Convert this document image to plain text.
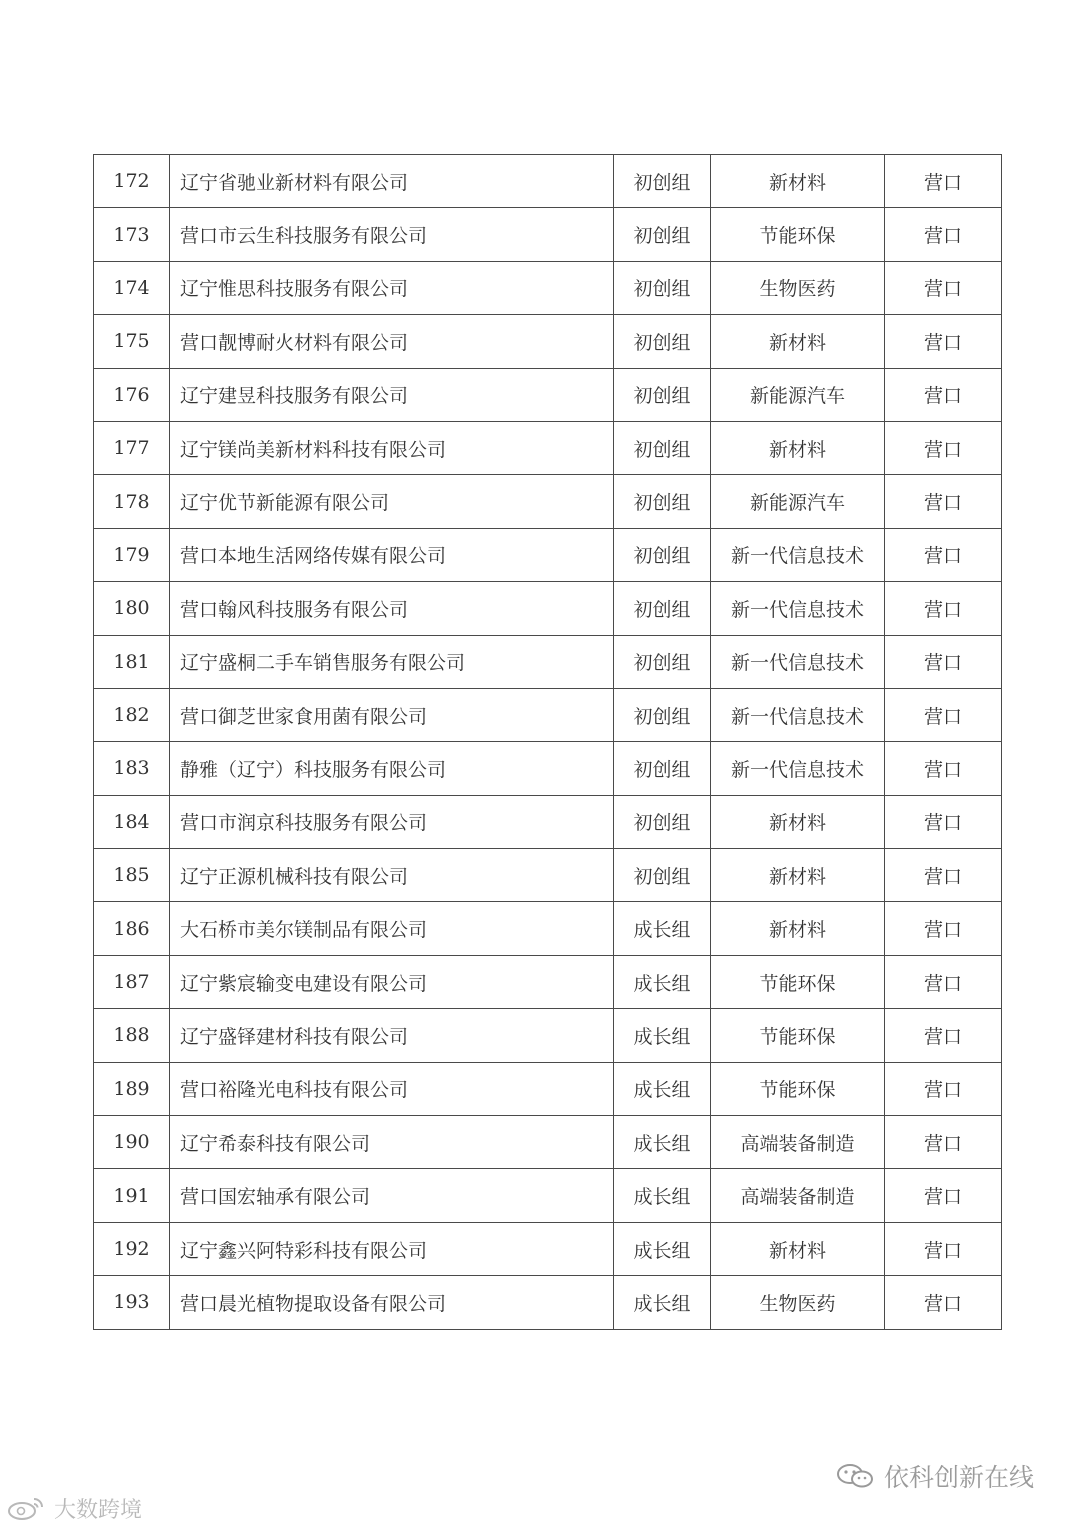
172	辽宁省驰业新材料有限公司	初创组	新材料	营口
173	营口市云生科技服务有限公司	初创组	节能环保	营口
174	辽宁惟思科技服务有限公司	初创组	生物医药	营口
175	营口靓博耐火材料有限公司	初创组	新材料	营口
176	辽宁建昱科技服务有限公司	初创组	新能源汽车	营口
177	辽宁镁尚美新材料科技有限公司	初创组	新材料	营口
178	辽宁优节新能源有限公司	初创组	新能源汽车	营口
179	营口本地生活网络传媒有限公司	初创组	新一代信息技术	营口
180	营口翰风科技服务有限公司	初创组	新一代信息技术	营口
181	辽宁盛桐二手车销售服务有限公司	初创组	新一代信息技术	营口
182	营口御芝世家食用菌有限公司	初创组	新一代信息技术	营口
183	静雅（辽宁）科技服务有限公司	初创组	新一代信息技术	营口
184	营口市润京科技服务有限公司	初创组	新材料	营口
185	辽宁正源机械科技有限公司	初创组	新材料	营口
186	大石桥市美尔镁制品有限公司	成长组	新材料	营口
187	辽宁紫宸输变电建设有限公司	成长组	节能环保	营口
188	辽宁盛铎建材科技有限公司	成长组	节能环保	营口
189	营口裕隆光电科技有限公司	成长组	节能环保	营口
190	辽宁希泰科技有限公司	成长组	高端装备制造	营口
191	营口国宏轴承有限公司	成长组	高端装备制造	营口
192	辽宁鑫兴阿特彩科技有限公司	成长组	新材料	营口
193	营口晨光植物提取设备有限公司	成长组	生物医药	营口
依科创新在线
大数跨境
